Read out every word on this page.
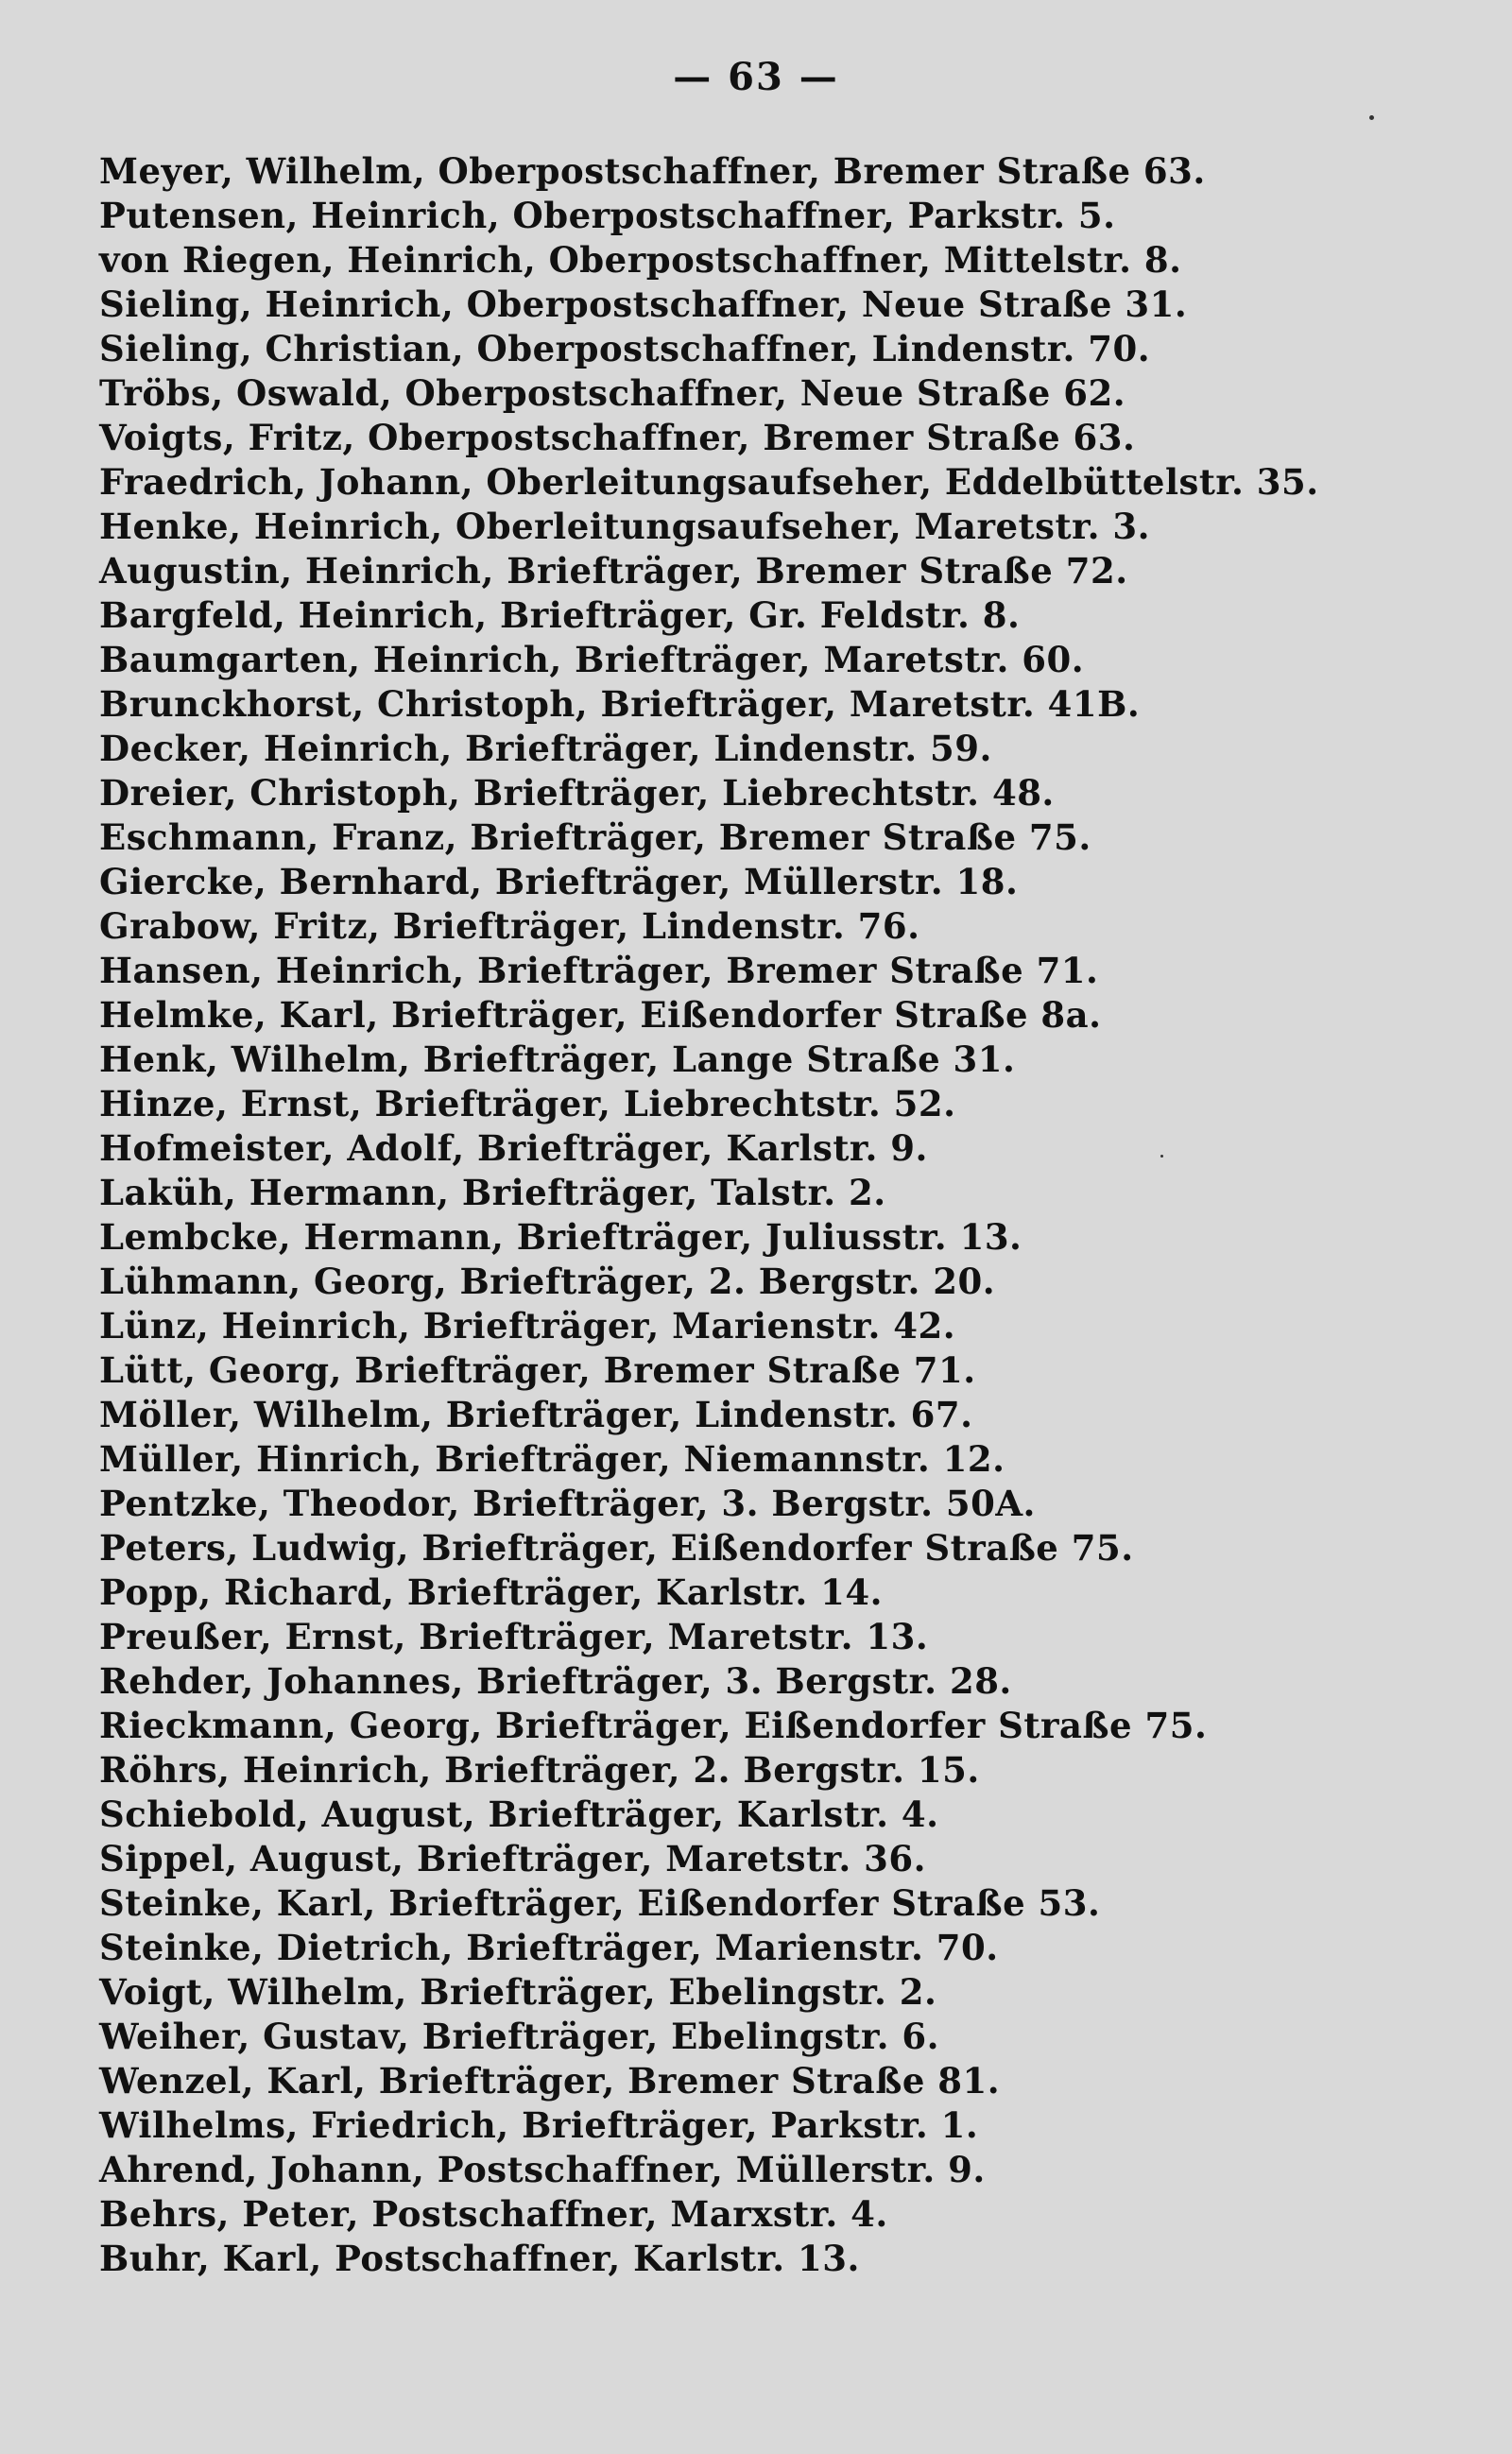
— 63 —
Meyer, Wilhelm, Oberpostschaffner, Bremer Straße 63.
Putensen, Heinrich, Oberpostschaffner, Parkstr. 5.
von Riegen, Heinrich, Oberpostschaffner, Mittelstr. 8.
Sieling, Heinrich, Oberpostschaffner, Neue Straße 31.
Sieling, Christian, Oberpostschaffner, Lindenstr. 70.
Tröbs, Oswald, Oberpostschaffner, Neue Straße 62.
Voigts, Fritz, Oberpostschaffner, Bremer Straße 63.
Fraedrich, Johann, Oberleitungsaufseher, Eddelbüttelstr. 35.
Henke, Heinrich, Oberleitungsaufseher, Maretstr. 3.
Augustin, Heinrich, Briefträger, Bremer Straße 72.
Bargfeld, Heinrich, Briefträger, Gr. Feldstr. 8.
Baumgarten, Heinrich, Briefträger, Maretstr. 60.
Brunckhorst, Christoph, Briefträger, Maretstr. 41B.
Decker, Heinrich, Briefträger, Lindenstr. 59.
Dreier, Christoph, Briefträger, Liebrechtstr. 48.
Eschmann, Franz, Briefträger, Bremer Straße 75.
Giercke, Bernhard, Briefträger, Müllerstr. 18.
Grabow, Fritz, Briefträger, Lindenstr. 76.
Hansen, Heinrich, Briefträger, Bremer Straße 71.
Helmke, Karl, Briefträger, Eißendorfer Straße 8a.
Henk, Wilhelm, Briefträger, Lange Straße 31.
Hinze, Ernst, Briefträger, Liebrechtstr. 52.
Hofmeister, Adolf, Briefträger, Karlstr. 9.
Laküh, Hermann, Briefträger, Talstr. 2.
Lembcke, Hermann, Briefträger, Juliusstr. 13.
Lühmann, Georg, Briefträger, 2. Bergstr. 20.
Lünz, Heinrich, Briefträger, Marienstr. 42.
Lütt, Georg, Briefträger, Bremer Straße 71.
Möller, Wilhelm, Briefträger, Lindenstr. 67.
Müller, Hinrich, Briefträger, Niemannstr. 12.
Pentzke, Theodor, Briefträger, 3. Bergstr. 50A.
Peters, Ludwig, Briefträger, Eißendorfer Straße 75.
Popp, Richard, Briefträger, Karlstr. 14.
Preußer, Ernst, Briefträger, Maretstr. 13.
Rehder, Johannes, Briefträger, 3. Bergstr. 28.
Rieckmann, Georg, Briefträger, Eißendorfer Straße 75.
Röhrs, Heinrich, Briefträger, 2. Bergstr. 15.
Schiebold, August, Briefträger, Karlstr. 4.
Sippel, August, Briefträger, Maretstr. 36.
Steinke, Karl, Briefträger, Eißendorfer Straße 53.
Steinke, Dietrich, Briefträger, Marienstr. 70.
Voigt, Wilhelm, Briefträger, Ebelingstr. 2.
Weiher, Gustav, Briefträger, Ebelingstr. 6.
Wenzel, Karl, Briefträger, Bremer Straße 81.
Wilhelms, Friedrich, Briefträger, Parkstr. 1.
Ahrend, Johann, Postschaffner, Müllerstr. 9.
Behrs, Peter, Postschaffner, Marxstr. 4.
Buhr, Karl, Postschaffner, Karlstr. 13.
